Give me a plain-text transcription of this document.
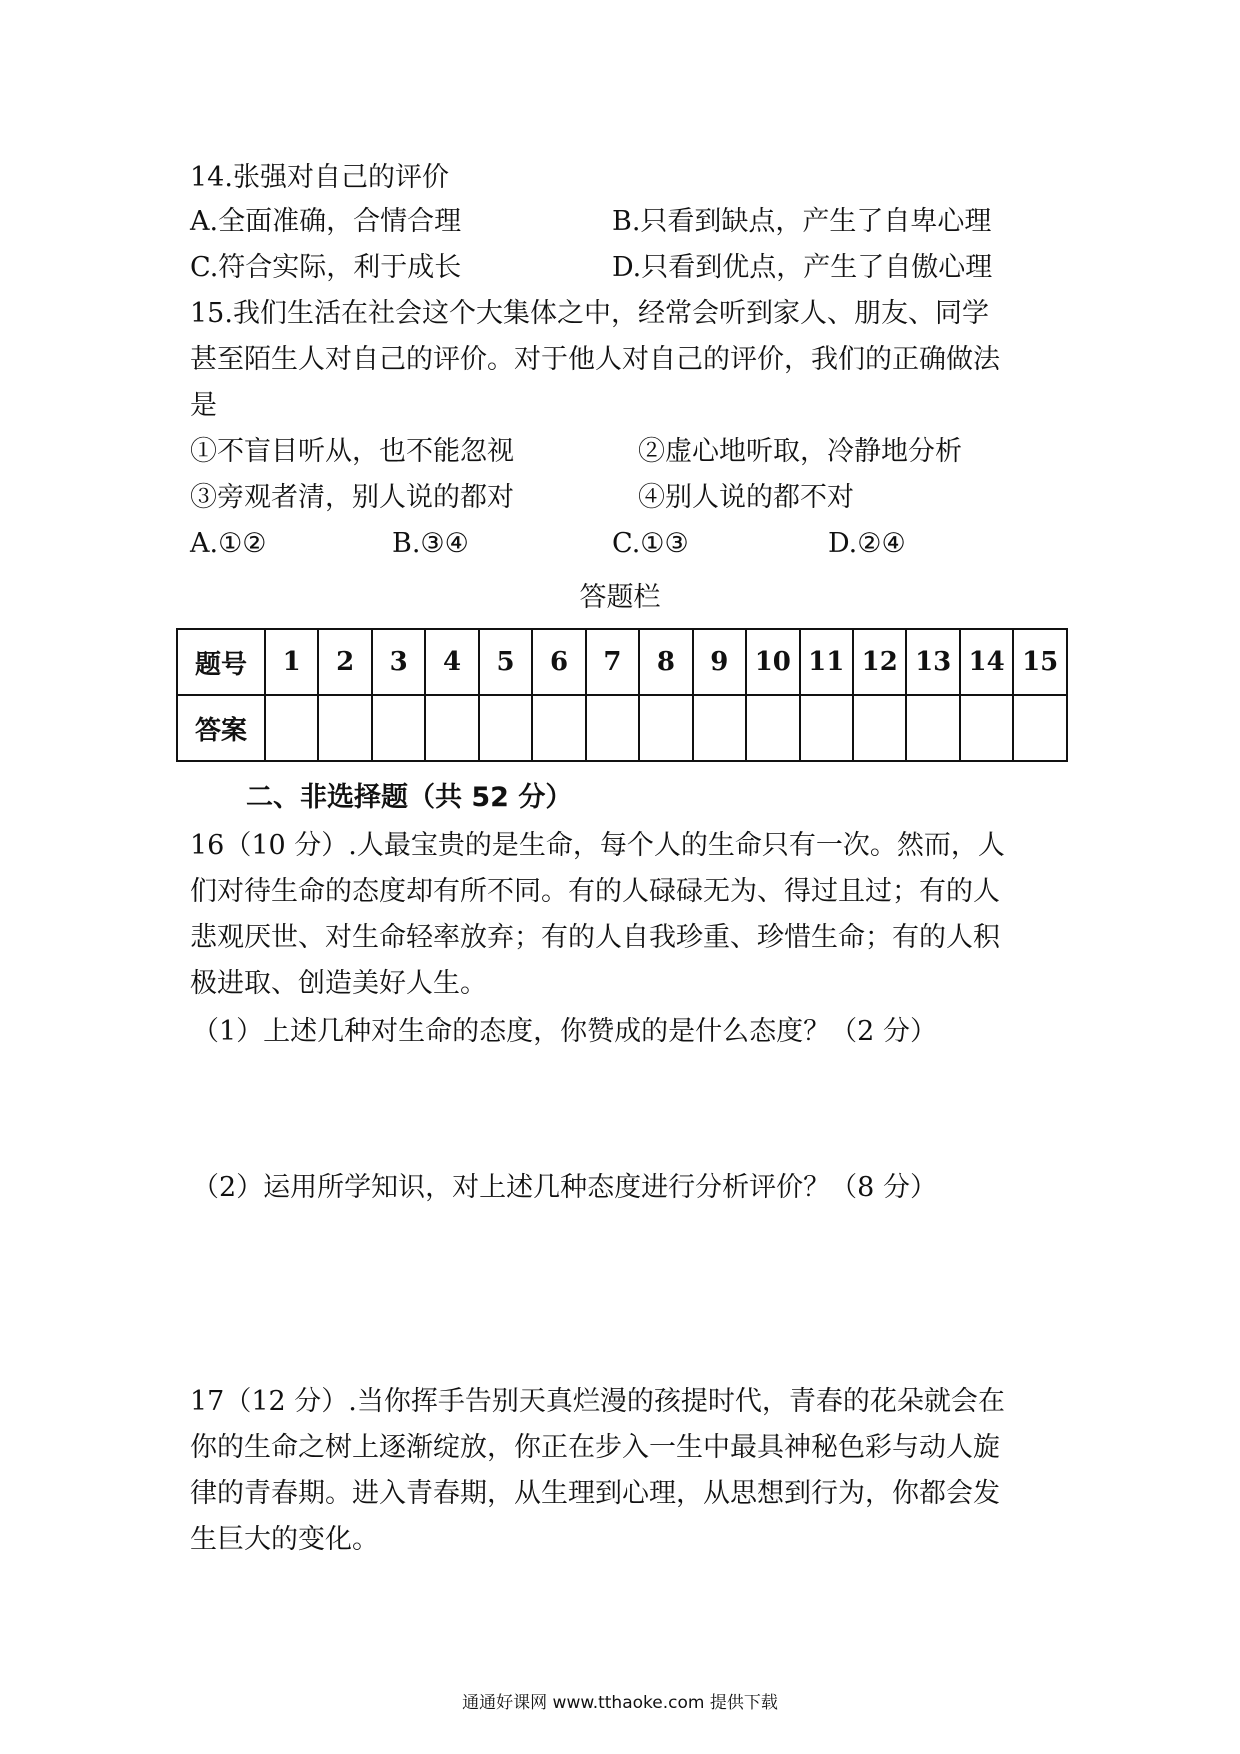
14.张强对自己的评价
A.全面准确，合情合理	B.只看到缺点，产生了自卑心理
C.符合实际，利于成长	D.只看到优点，产生了自傲心理
15.我们生活在社会这个大集体之中，经常会听到家人、朋友、同学
甚至陌生人对自己的评价。对于他人对自己的评价，我们的正确做法
是
①不盲目听从，也不能忽视	②虚心地听取，冷静地分析
③旁观者清，别人说的都对	④别人说的都不对
A.①②	B.③④	C.①③	D.②④
答题栏
题号	1	2	3	4	5	6	7	8	9	10	11	12	13	14	15
答案															
二、非选择题（共 52 分）
16（10 分）.人最宝贵的是生命，每个人的生命只有一次。然而，人
们对待生命的态度却有所不同。有的人碌碌无为、得过且过；有的人
悲观厌世、对生命轻率放弃；有的人自我珍重、珍惜生命；有的人积
极进取、创造美好人生。
（1）上述几种对生命的态度，你赞成的是什么态度？（2 分）
（2）运用所学知识，对上述几种态度进行分析评价？（8 分）
17（12 分）.当你挥手告别天真烂漫的孩提时代，青春的花朵就会在
你的生命之树上逐渐绽放，你正在步入一生中最具神秘色彩与动人旋
律的青春期。进入青春期，从生理到心理，从思想到行为，你都会发
生巨大的变化。
通通好课网 www.tthaoke.com 提供下载
